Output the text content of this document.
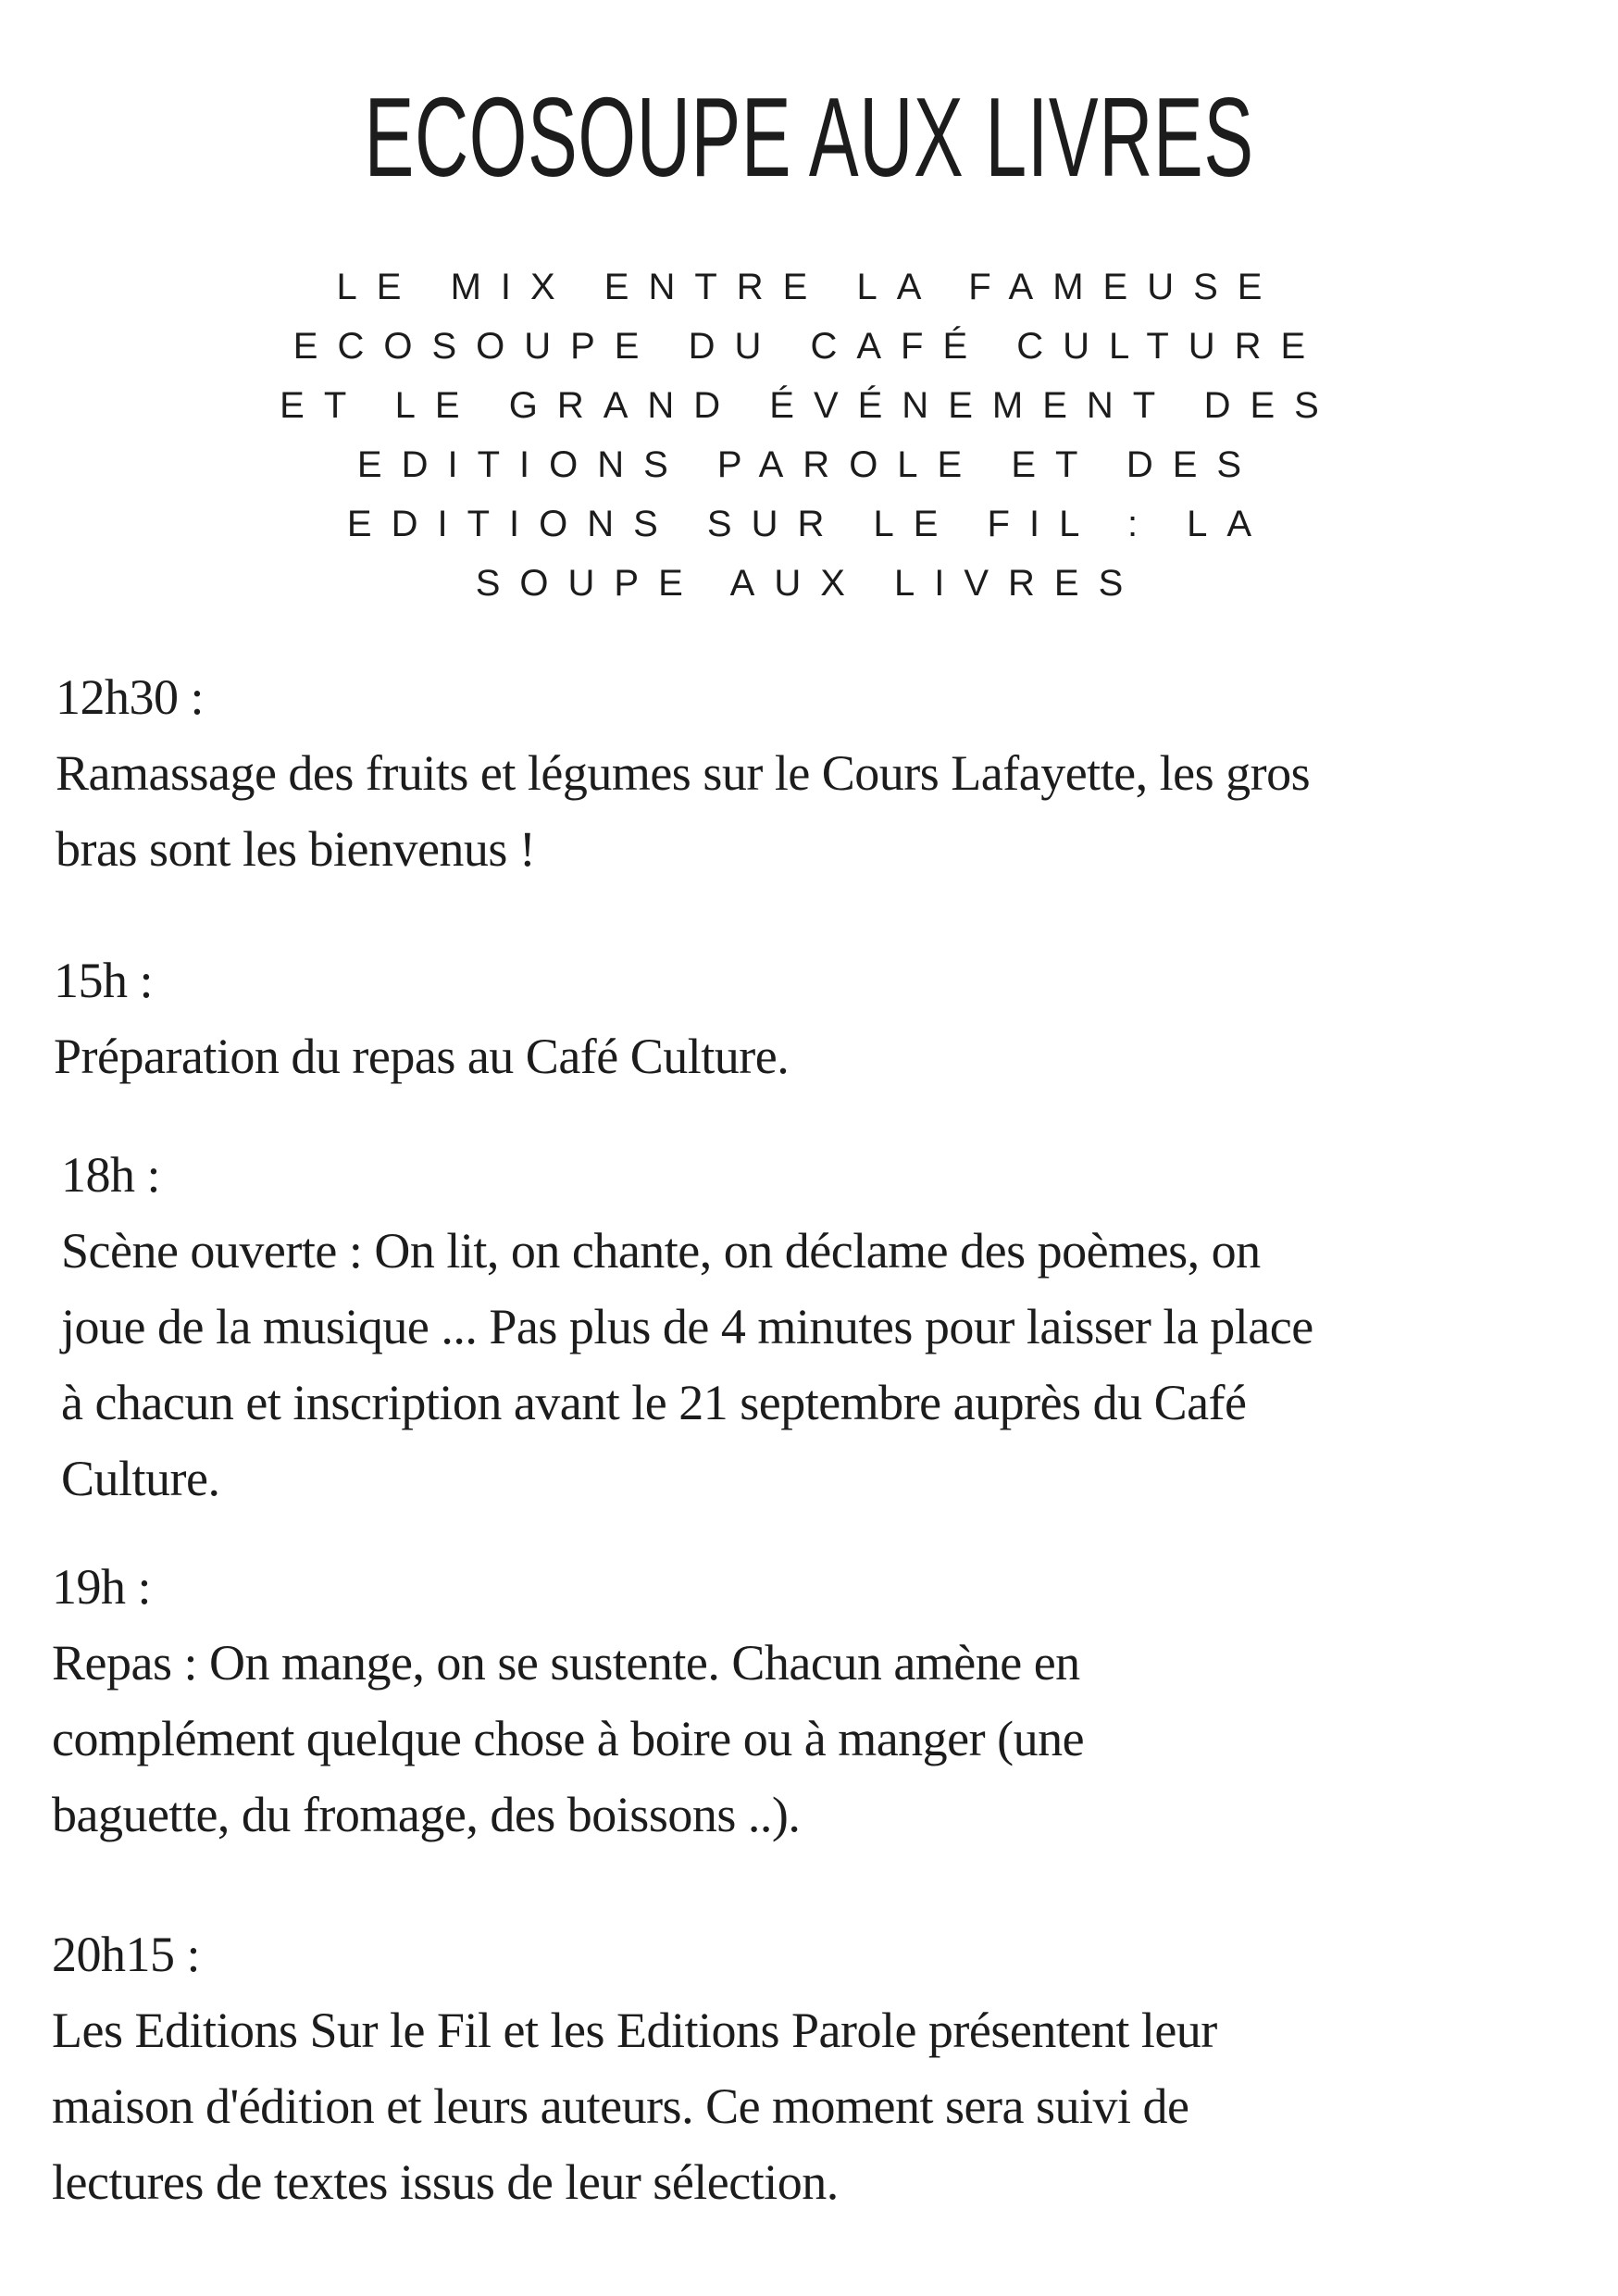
ECOSOUPE AUX LIVRES
LE MIX ENTRE LA FAMEUSE
ECOSOUPE DU CAFÉ CULTURE
ET LE GRAND ÉVÉNEMENT DES
EDITIONS PAROLE ET DES
EDITIONS SUR LE FIL : LA
SOUPE AUX LIVRES
12h30 :
Ramassage des fruits et légumes sur le Cours Lafayette, les gros
bras sont les bienvenus !
15h :
Préparation du repas au Café Culture.
18h :
Scène ouverte : On lit, on chante, on déclame des poèmes, on
joue de la musique ... Pas plus de 4 minutes pour laisser la place
à chacun et inscription avant le 21 septembre auprès du Café
Culture.
19h :
Repas : On mange, on se sustente. Chacun amène en
complément quelque chose à boire ou à manger (une
baguette, du fromage, des boissons ..).
20h15 :
Les Editions Sur le Fil et les Editions Parole présentent leur
maison d'édition et leurs auteurs. Ce moment sera suivi de
lectures de textes issus de leur sélection.
